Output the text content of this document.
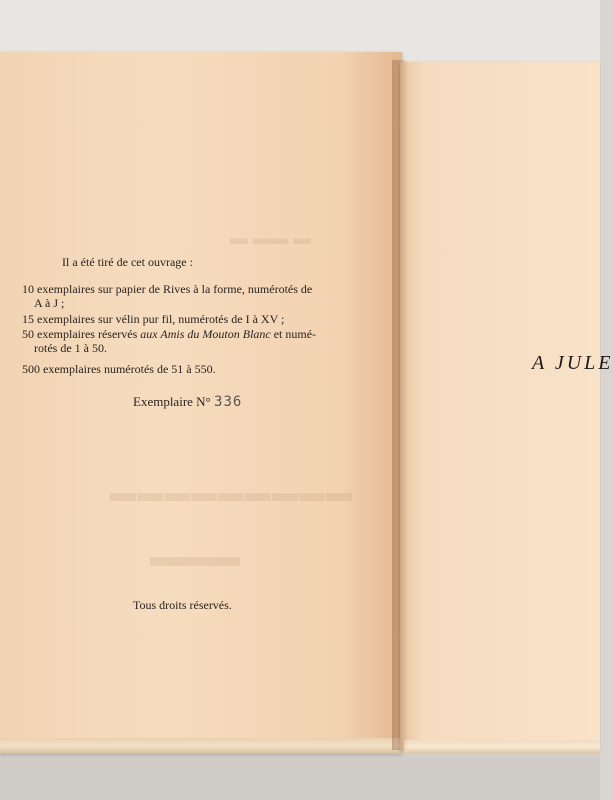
▬ ▬▬ ▬
▬▬▬▬▬▬▬▬▬
▬▬▬
Il a été tiré de cet ouvrage :
10 exemplaires sur papier de Rives à la forme, numérotés de
A à J ;
15 exemplaires sur vélin pur fil, numérotés de I à XV ;
50 exemplaires réservés aux Amis du Mouton Blanc et numé-
rotés de 1 à 50.
500 exemplaires numérotés de 51 à 550.
Exemplaire N° 336
Tous droits réservés.
A JULE
